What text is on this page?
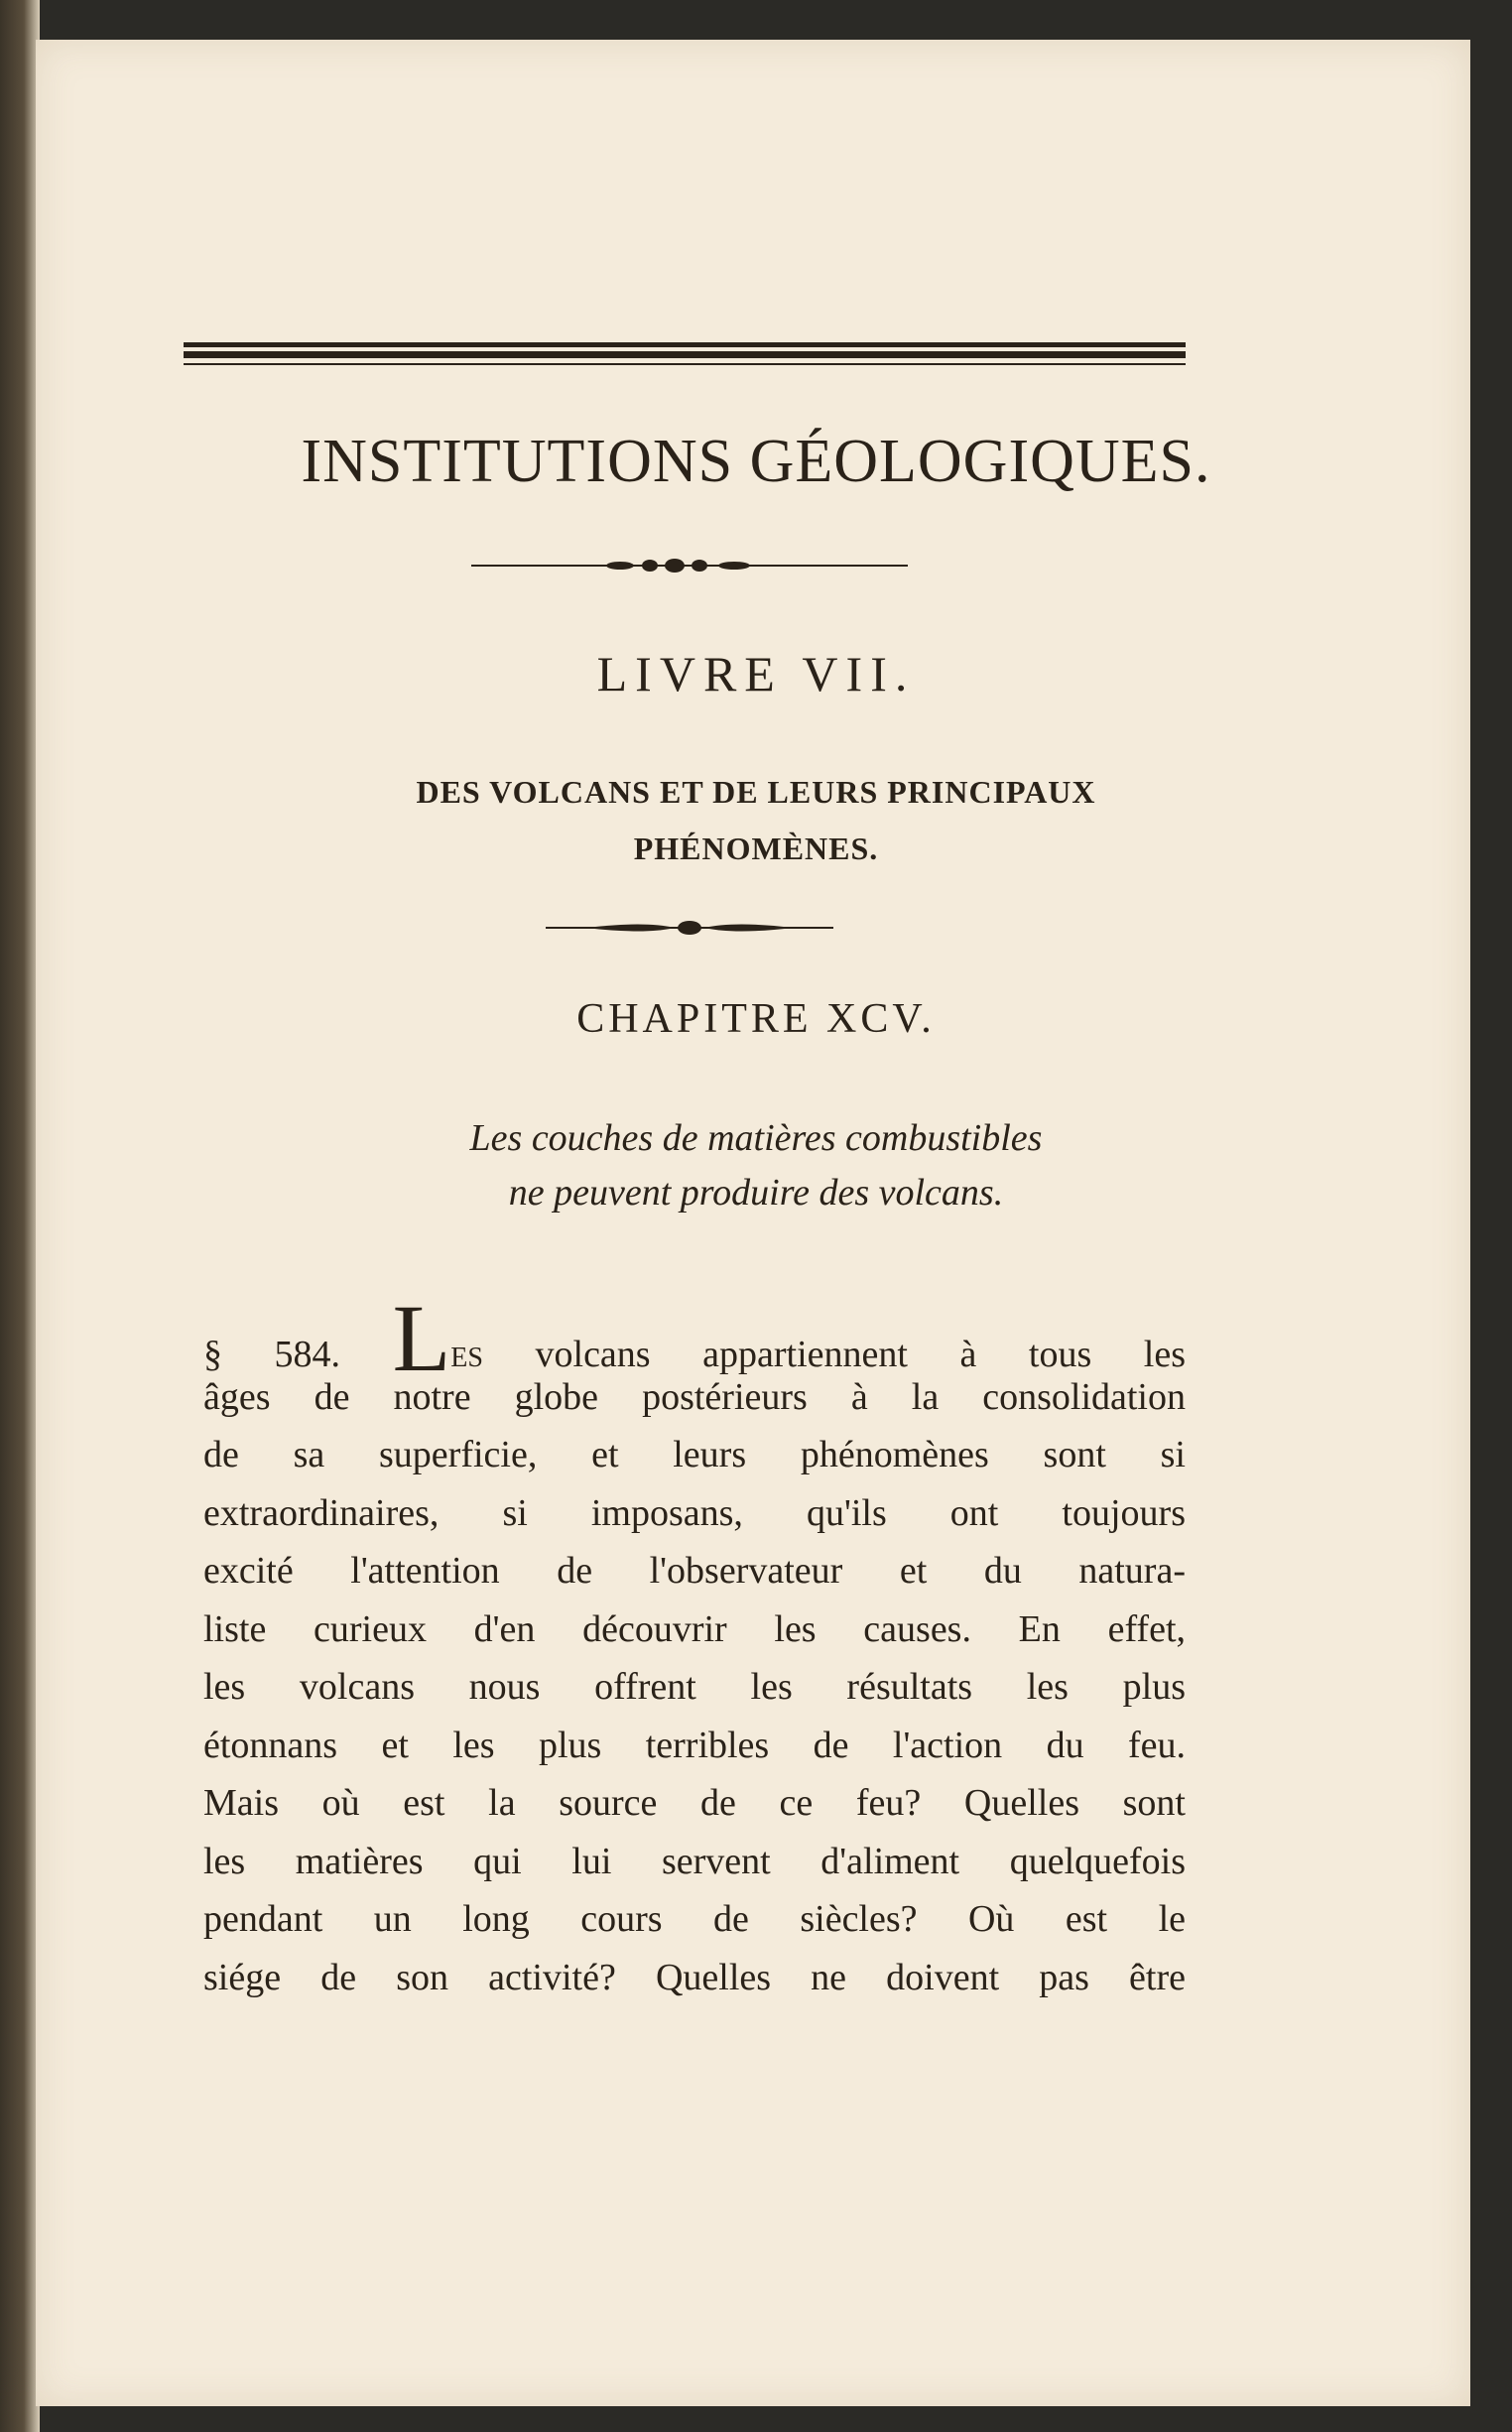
INSTITUTIONS GÉOLOGIQUES.
LIVRE VII.
DES VOLCANS ET DE LEURS PRINCIPAUX
PHÉNOMÈNES.
CHAPITRE XCV.
Les couches de matières combustibles
ne peuvent produire des volcans.
§ 584. LES volcans appartiennent à tous les
âges de notre globe postérieurs à la consolidation
de sa superficie, et leurs phénomènes sont si
extraordinaires, si imposans, qu'ils ont toujours
excité l'attention de l'observateur et du natura-
liste curieux d'en découvrir les causes. En effet,
les volcans nous offrent les résultats les plus
étonnans et les plus terribles de l'action du feu.
Mais où est la source de ce feu? Quelles sont
les matières qui lui servent d'aliment quelquefois
pendant un long cours de siècles? Où est le
siége de son activité? Quelles ne doivent pas être
